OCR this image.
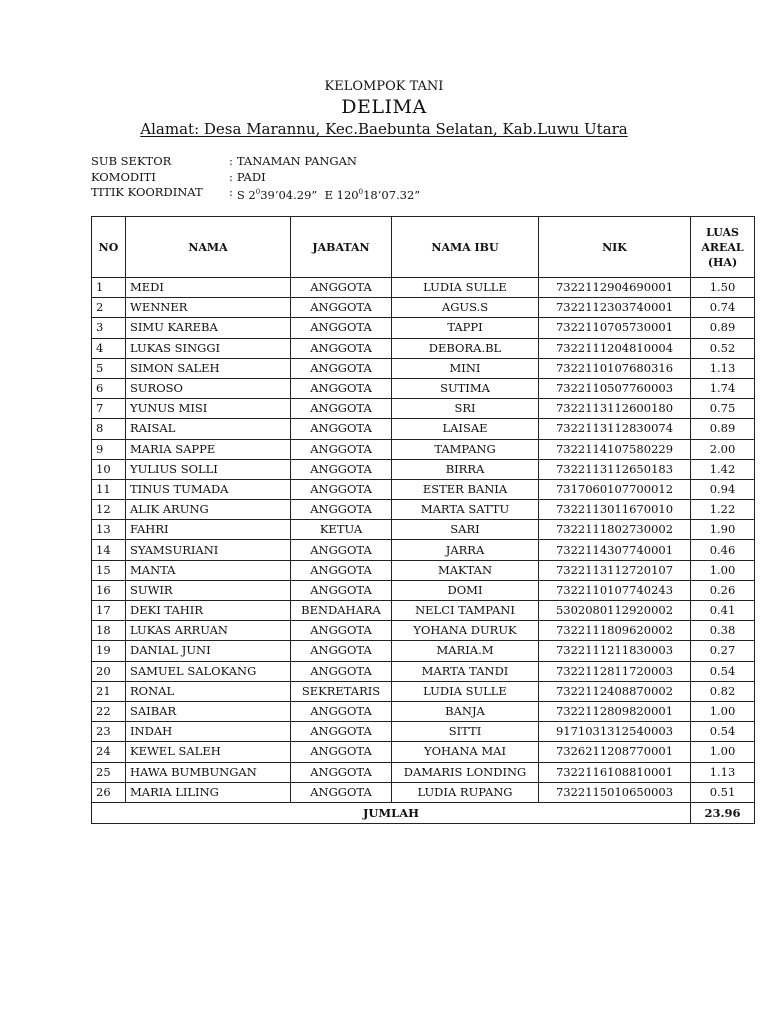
KELOMPOK TANI
DELIMA
Alamat: Desa Marannu, Kec.Baebunta Selatan, Kab.Luwu Utara
SUB SEKTOR	: TANAMAN PANGAN
KOMODITI	: PADI
TITIK KOORDINAT	: S $2^039’04.29$” E $120^018’07.32$”
NO	NAMA	JABATAN	NAMA IBU	NIK	LUAS
AREAL
(HA)
1	MEDI	ANGGOTA	LUDIA SULLE	7322112904690001	1.50
2	WENNER	ANGGOTA	AGUS.S	7322112303740001	0.74
3	SIMU KAREBA	ANGGOTA	TAPPI	7322110705730001	0.89
4	LUKAS SINGGI	ANGGOTA	DEBORA.BL	7322111204810004	0.52
5	SIMON SALEH	ANGGOTA	MINI	7322110107680316	1.13
6	SUROSO	ANGGOTA	SUTIMA	7322110507760003	1.74
7	YUNUS MISI	ANGGOTA	SRI	7322113112600180	0.75
8	RAISAL	ANGGOTA	LAISAE	7322113112830074	0.89
9	MARIA SAPPE	ANGGOTA	TAMPANG	7322114107580229	2.00
10	YULIUS SOLLI	ANGGOTA	BIRRA	7322113112650183	1.42
11	TINUS TUMADA	ANGGOTA	ESTER BANIA	7317060107700012	0.94
12	ALIK ARUNG	ANGGOTA	MARTA SATTU	7322113011670010	1.22
13	FAHRI	KETUA	SARI	7322111802730002	1.90
14	SYAMSURIANI	ANGGOTA	JARRA	7322114307740001	0.46
15	MANTA	ANGGOTA	MAKTAN	7322113112720107	1.00
16	SUWIR	ANGGOTA	DOMI	7322110107740243	0.26
17	DEKI TAHIR	BENDAHARA	NELCI TAMPANI	5302080112920002	0.41
18	LUKAS ARRUAN	ANGGOTA	YOHANA DURUK	7322111809620002	0.38
19	DANIAL JUNI	ANGGOTA	MARIA.M	7322111211830003	0.27
20	SAMUEL SALOKANG	ANGGOTA	MARTA TANDI	7322112811720003	0.54
21	RONAL	SEKRETARIS	LUDIA SULLE	7322112408870002	0.82
22	SAIBAR	ANGGOTA	BANJA	7322112809820001	1.00
23	INDAH	ANGGOTA	SITTI	9171031312540003	0.54
24	KEWEL SALEH	ANGGOTA	YOHANA MAI	7326211208770001	1.00
25	HAWA BUMBUNGAN	ANGGOTA	DAMARIS LONDING	7322116108810001	1.13
26	MARIA LILING	ANGGOTA	LUDIA RUPANG	7322115010650003	0.51
JUMLAH					23.96
